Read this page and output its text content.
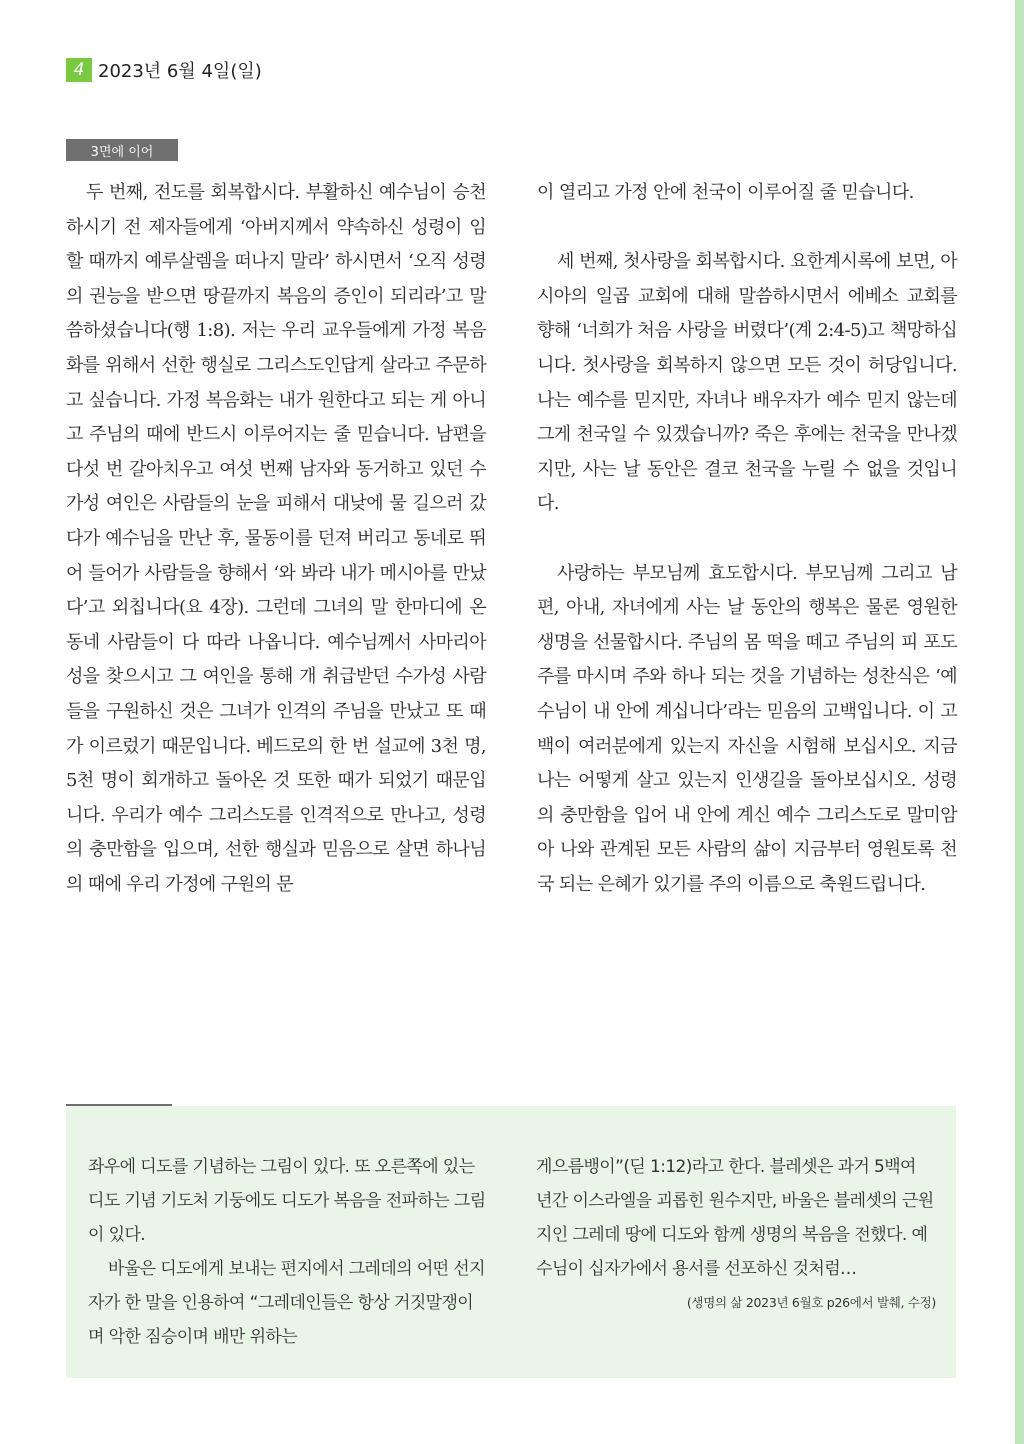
4 2023년 6월 4일(일)
3면에 이어

두 번째, 전도를 회복합시다. 부활하신 예수님이 승천하시기 전 제자들에게 ‘아버지께서 약속하신 성령이 임할 때까지 예루살렘을 떠나지 말라’ 하시면서 ‘오직 성령의 권능을 받으면 땅끝까지 복음의 증인이 되리라’고 말씀하셨습니다(행 1:8). 저는 우리 교우들에게 가정 복음화를 위해서 선한 행실로 그리스도인답게 살라고 주문하고 싶습니다. 가정 복음화는 내가 원한다고 되는 게 아니고 주님의 때에 반드시 이루어지는 줄 믿습니다. 남편을 다섯 번 갈아치우고 여섯 번째 남자와 동거하고 있던 수가성 여인은 사람들의 눈을 피해서 대낮에 물 길으러 갔다가 예수님을 만난 후, 물동이를 던져 버리고 동네로 뛰어 들어가 사람들을 향해서 ‘와 봐라 내가 메시아를 만났다’고 외칩니다(요 4장). 그런데 그녀의 말 한마디에 온 동네 사람들이 다 따라 나옵니다. 예수님께서 사마리아성을 찾으시고 그 여인을 통해 개 취급받던 수가성 사람들을 구원하신 것은 그녀가 인격의 주님을 만났고 또 때가 이르렀기 때문입니다. 베드로의 한 번 설교에 3천 명, 5천 명이 회개하고 돌아온 것 또한 때가 되었기 때문입니다. 우리가 예수 그리스도를 인격적으로 만나고, 성령의 충만함을 입으며, 선한 행실과 믿음으로 살면 하나님의 때에 우리 가정에 구원의 문

이 열리고 가정 안에 천국이 이루어질 줄 믿습니다.

세 번째, 첫사랑을 회복합시다. 요한계시록에 보면, 아시아의 일곱 교회에 대해 말씀하시면서 에베소 교회를 향해 ‘너희가 처음 사랑을 버렸다’(계 2:4-5)고 책망하십니다. 첫사랑을 회복하지 않으면 모든 것이 허당입니다. 나는 예수를 믿지만, 자녀나 배우자가 예수 믿지 않는데 그게 천국일 수 있겠습니까? 죽은 후에는 천국을 만나겠지만, 사는 날 동안은 결코 천국을 누릴 수 없을 것입니다.

사랑하는 부모님께 효도합시다. 부모님께 그리고 남편, 아내, 자녀에게 사는 날 동안의 행복은 물론 영원한 생명을 선물합시다. 주님의 몸 떡을 떼고 주님의 피 포도주를 마시며 주와 하나 되는 것을 기념하는 성찬식은 ‘예수님이 내 안에 계십니다’라는 믿음의 고백입니다. 이 고백이 여러분에게 있는지 자신을 시험해 보십시오. 지금 나는 어떻게 살고 있는지 인생길을 돌아보십시오. 성령의 충만함을 입어 내 안에 계신 예수 그리스도로 말미암아 나와 관계된 모든 사람의 삶이 지금부터 영원토록 천국 되는 은혜가 있기를 주의 이름으로 축원드립니다.

좌우에 디도를 기념하는 그림이 있다. 또 오른쪽에 있는 디도 기념 기도처 기둥에도 디도가 복음을 전파하는 그림이 있다.

바울은 디도에게 보내는 편지에서 그레데의 어떤 선지자가 한 말을 인용하여 “그레데인들은 항상 거짓말쟁이며 악한 짐승이며 배만 위하는

게으름뱅이”(딛 1:12)라고 한다. 블레셋은 과거 5백여 년간 이스라엘을 괴롭힌 원수지만, 바울은 블레셋의 근원지인 그레데 땅에 디도와 함께 생명의 복음을 전했다. 예수님이 십자가에서 용서를 선포하신 것처럼…

(생명의 삶 2023년 6월호 p26에서 발췌, 수정)
